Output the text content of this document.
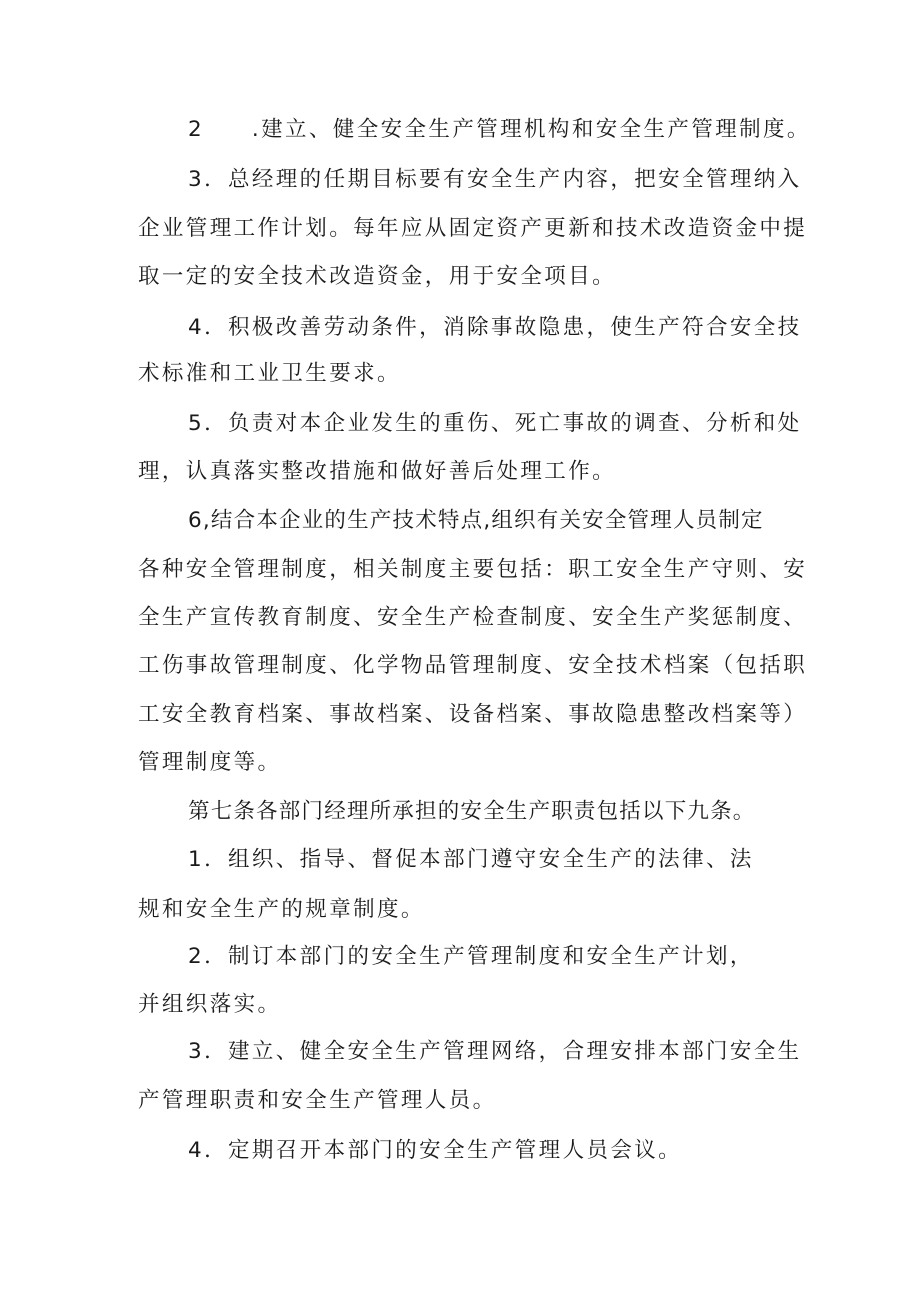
2　　.建立、健全安全生产管理机构和安全生产管理制度。
3．总经理的任期目标要有安全生产内容，把安全管理纳入
企业管理工作计划。每年应从固定资产更新和技术改造资金中提
取一定的安全技术改造资金，用于安全项目。
4．积极改善劳动条件，消除事故隐患，使生产符合安全技
术标准和工业卫生要求。
5．负责对本企业发生的重伤、死亡事故的调查、分析和处
理，认真落实整改措施和做好善后处理工作。
6,结合本企业的生产技术特点,组织有关安全管理人员制定
各种安全管理制度，相关制度主要包括：职工安全生产守则、安
全生产宣传教育制度、安全生产检查制度、安全生产奖惩制度、
工伤事故管理制度、化学物品管理制度、安全技术档案（包括职
工安全教育档案、事故档案、设备档案、事故隐患整改档案等）
管理制度等。
第七条各部门经理所承担的安全生产职责包括以下九条。
1．组织、指导、督促本部门遵守安全生产的法律、法
规和安全生产的规章制度。
2．制订本部门的安全生产管理制度和安全生产计划，
并组织落实。
3．建立、健全安全生产管理网络，合理安排本部门安全生
产管理职责和安全生产管理人员。
4．定期召开本部门的安全生产管理人员会议。
